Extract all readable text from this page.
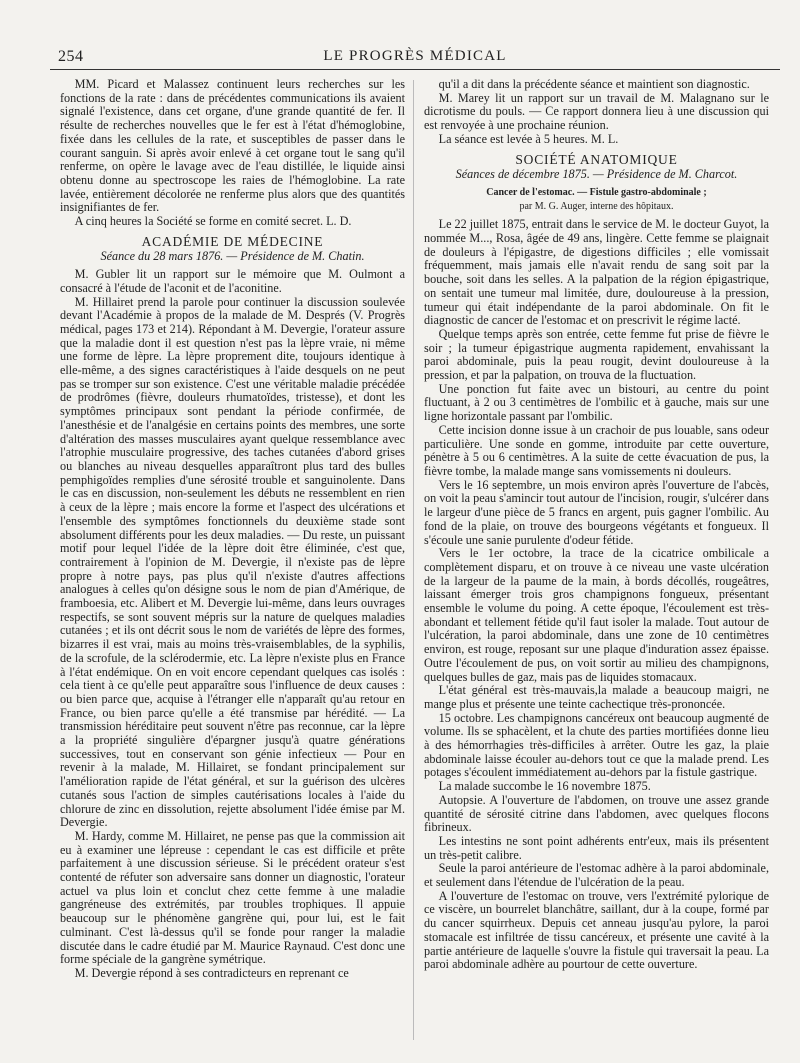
254	LE PROGRÈS MÉDICAL

MM. Picard et Malassez continuent leurs recherches sur les fonctions de la rate : dans de précédentes communications ils avaient signalé l'existence, dans cet organe, d'une grande quantité de fer. Il résulte de recherches nouvelles que le fer est à l'état d'hémoglobine, fixée dans les cellules de la rate, et susceptibles de passer dans le courant sanguin. Si après avoir enlevé à cet organe tout le sang qu'il renferme, on opère le lavage avec de l'eau distillée, le liquide ainsi obtenu donne au spectroscope les raies de l'hémoglobine. La rate lavée, entièrement décolorée ne renferme plus alors que des quantités insignifiantes de fer.

A cinq heures la Société se forme en comité secret. L. D.

ACADÉMIE DE MÉDECINE
Séance du 28 mars 1876. — Présidence de M. Chatin.

M. Gubler lit un rapport sur le mémoire que M. Oulmont a consacré à l'étude de l'aconit et de l'aconitine.

M. Hillairet prend la parole pour continuer la discussion soulevée devant l'Académie à propos de la malade de M. Després (V. Progrès médical, pages 173 et 214). Répondant à M. Devergie, l'orateur assure que la maladie dont il est question n'est pas la lèpre vraie, ni même une forme de lèpre. La lèpre proprement dite, toujours identique à elle-même, a des signes caractéristiques à l'aide desquels on ne peut pas se tromper sur son existence. C'est une véritable maladie précédée de prodrômes (fièvre, douleurs rhumatoïdes, tristesse), et dont les symptômes principaux sont pendant la période confirmée, de l'anesthésie et de l'analgésie en certains points des membres, une sorte d'altération des masses musculaires ayant quelque ressemblance avec l'atrophie musculaire progressive, des taches cutanées d'abord grises ou blanches au niveau desquelles apparaîtront plus tard des bulles pemphigoïdes remplies d'une sérosité trouble et sanguinolente. Dans le cas en discussion, non-seulement les débuts ne ressemblent en rien à ceux de la lèpre ; mais encore la forme et l'aspect des ulcérations et l'ensemble des symptômes fonctionnels du deuxième stade sont absolument différents pour les deux maladies. — Du reste, un puissant motif pour lequel l'idée de la lèpre doit être éliminée, c'est que, contrairement à l'opinion de M. Devergie, il n'existe pas de lèpre propre à notre pays, pas plus qu'il n'existe d'autres affections analogues à celles qu'on désigne sous le nom de pian d'Amérique, de framboesia, etc. Alibert et M. Devergie lui-même, dans leurs ouvrages respectifs, se sont souvent mépris sur la nature de quelques maladies cutanées ; et ils ont décrit sous le nom de variétés de lèpre des formes, bizarres il est vrai, mais au moins très-vraisemblables, de la syphilis, de la scrofule, de la sclérodermie, etc. La lèpre n'existe plus en France à l'état endémique. On en voit encore cependant quelques cas isolés : cela tient à ce qu'elle peut apparaître sous l'influence de deux causes : ou bien parce que, acquise à l'étranger elle n'apparaît qu'au retour en France, ou bien parce qu'elle a été transmise par hérédité. — La transmission héréditaire peut souvent n'être pas reconnue, car la lèpre a la propriété singulière d'épargner jusqu'à quatre générations successives, tout en conservant son génie infectieux — Pour en revenir à la malade, M. Hillairet, se fondant principalement sur l'amélioration rapide de l'état général, et sur la guérison des ulcères cutanés sous l'action de simples cautérisations locales à l'aide du chlorure de zinc en dissolution, rejette absolument l'idée émise par M. Devergie.

M. Hardy, comme M. Hillairet, ne pense pas que la commission ait eu à examiner une lépreuse : cependant le cas est difficile et prête parfaitement à une discussion sérieuse. Si le précédent orateur s'est contenté de réfuter son adversaire sans donner un diagnostic, l'orateur actuel va plus loin et conclut chez cette femme à une maladie gangréneuse des extrémités, par troubles trophiques. Il appuie beaucoup sur le phénomène gangrène qui, pour lui, est le fait culminant. C'est là-dessus qu'il se fonde pour ranger la maladie discutée dans le cadre étudié par M. Maurice Raynaud. C'est donc une forme spéciale de la gangrène symétrique.

M. Devergie répond à ses contradicteurs en reprenant ce

qu'il a dit dans la précédente séance et maintient son diagnostic.

M. Marey lit un rapport sur un travail de M. Malagnano sur le dicrotisme du pouls. — Ce rapport donnera lieu à une discussion qui est renvoyée à une prochaine réunion.

La séance est levée à 5 heures. M. L.

SOCIÉTÉ ANATOMIQUE
Séances de décembre 1875. — Présidence de M. Charcot.
Cancer de l'estomac. — Fistule gastro-abdominale ;
par M. G. Auger, interne des hôpitaux.

Le 22 juillet 1875, entrait dans le service de M. le docteur Guyot, la nommée M..., Rosa, âgée de 49 ans, lingère. Cette femme se plaignait de douleurs à l'épigastre, de digestions difficiles ; elle vomissait fréquemment, mais jamais elle n'avait rendu de sang soit par la bouche, soit dans les selles. A la palpation de la région épigastrique, on sentait une tumeur mal limitée, dure, douloureuse à la pression, tumeur qui était indépendante de la paroi abdominale. On fit le diagnostic de cancer de l'estomac et on prescrivit le régime lacté.

Quelque temps après son entrée, cette femme fut prise de fièvre le soir ; la tumeur épigastrique augmenta rapidement, envahissant la paroi abdominale, puis la peau rougit, devint douloureuse à la pression, et par la palpation, on trouva de la fluctuation.

Une ponction fut faite avec un bistouri, au centre du point fluctuant, à 2 ou 3 centimètres de l'ombilic et à gauche, mais sur une ligne horizontale passant par l'ombilic.

Cette incision donne issue à un crachoir de pus louable, sans odeur particulière. Une sonde en gomme, introduite par cette ouverture, pénètre à 5 ou 6 centimètres. A la suite de cette évacuation de pus, la fièvre tombe, la malade mange sans vomissements ni douleurs.

Vers le 16 septembre, un mois environ après l'ouverture de l'abcès, on voit la peau s'amincir tout autour de l'incision, rougir, s'ulcérer dans le largeur d'une pièce de 5 francs en argent, puis gagner l'ombilic. Au fond de la plaie, on trouve des bourgeons végétants et fongueux. Il s'écoule une sanie purulente d'odeur fétide.

Vers le 1er octobre, la trace de la cicatrice ombilicale a complètement disparu, et on trouve à ce niveau une vaste ulcération de la largeur de la paume de la main, à bords décollés, rougeâtres, laissant émerger trois gros champignons fongueux, présentant ensemble le volume du poing. A cette époque, l'écoulement est très-abondant et tellement fétide qu'il faut isoler la malade. Tout autour de l'ulcération, la paroi abdominale, dans une zone de 10 centimètres environ, est rouge, reposant sur une plaque d'induration assez épaisse. Outre l'écoulement de pus, on voit sortir au milieu des champignons, quelques bulles de gaz, mais pas de liquides stomacaux.

L'état général est très-mauvais,la malade a beaucoup maigri, ne mange plus et présente une teinte cachectique très-prononcée.

15 octobre. Les champignons cancéreux ont beaucoup augmenté de volume. Ils se sphacèlent, et la chute des parties mortifiées donne lieu à des hémorrhagies très-difficiles à arrêter. Outre les gaz, la plaie abdominale laisse écouler au-dehors tout ce que la malade prend. Les potages s'écoulent immédiatement au-dehors par la fistule gastrique.

La malade succombe le 16 novembre 1875.

Autopsie. A l'ouverture de l'abdomen, on trouve une assez grande quantité de sérosité citrine dans l'abdomen, avec quelques flocons fibrineux.

Les intestins ne sont point adhérents entr'eux, mais ils présentent un très-petit calibre.

Seule la paroi antérieure de l'estomac adhère à la paroi abdominale, et seulement dans l'étendue de l'ulcération de la peau.

A l'ouverture de l'estomac on trouve, vers l'extrémité pylorique de ce viscère, un bourrelet blanchâtre, saillant, dur à la coupe, formé par du cancer squirrheux. Depuis cet anneau jusqu'au pylore, la paroi stomacale est infiltrée de tissu cancéreux, et présente une cavité à la partie antérieure de laquelle s'ouvre la fistule qui traversait la peau. La paroi abdominale adhère au pourtour de cette ouverture.
